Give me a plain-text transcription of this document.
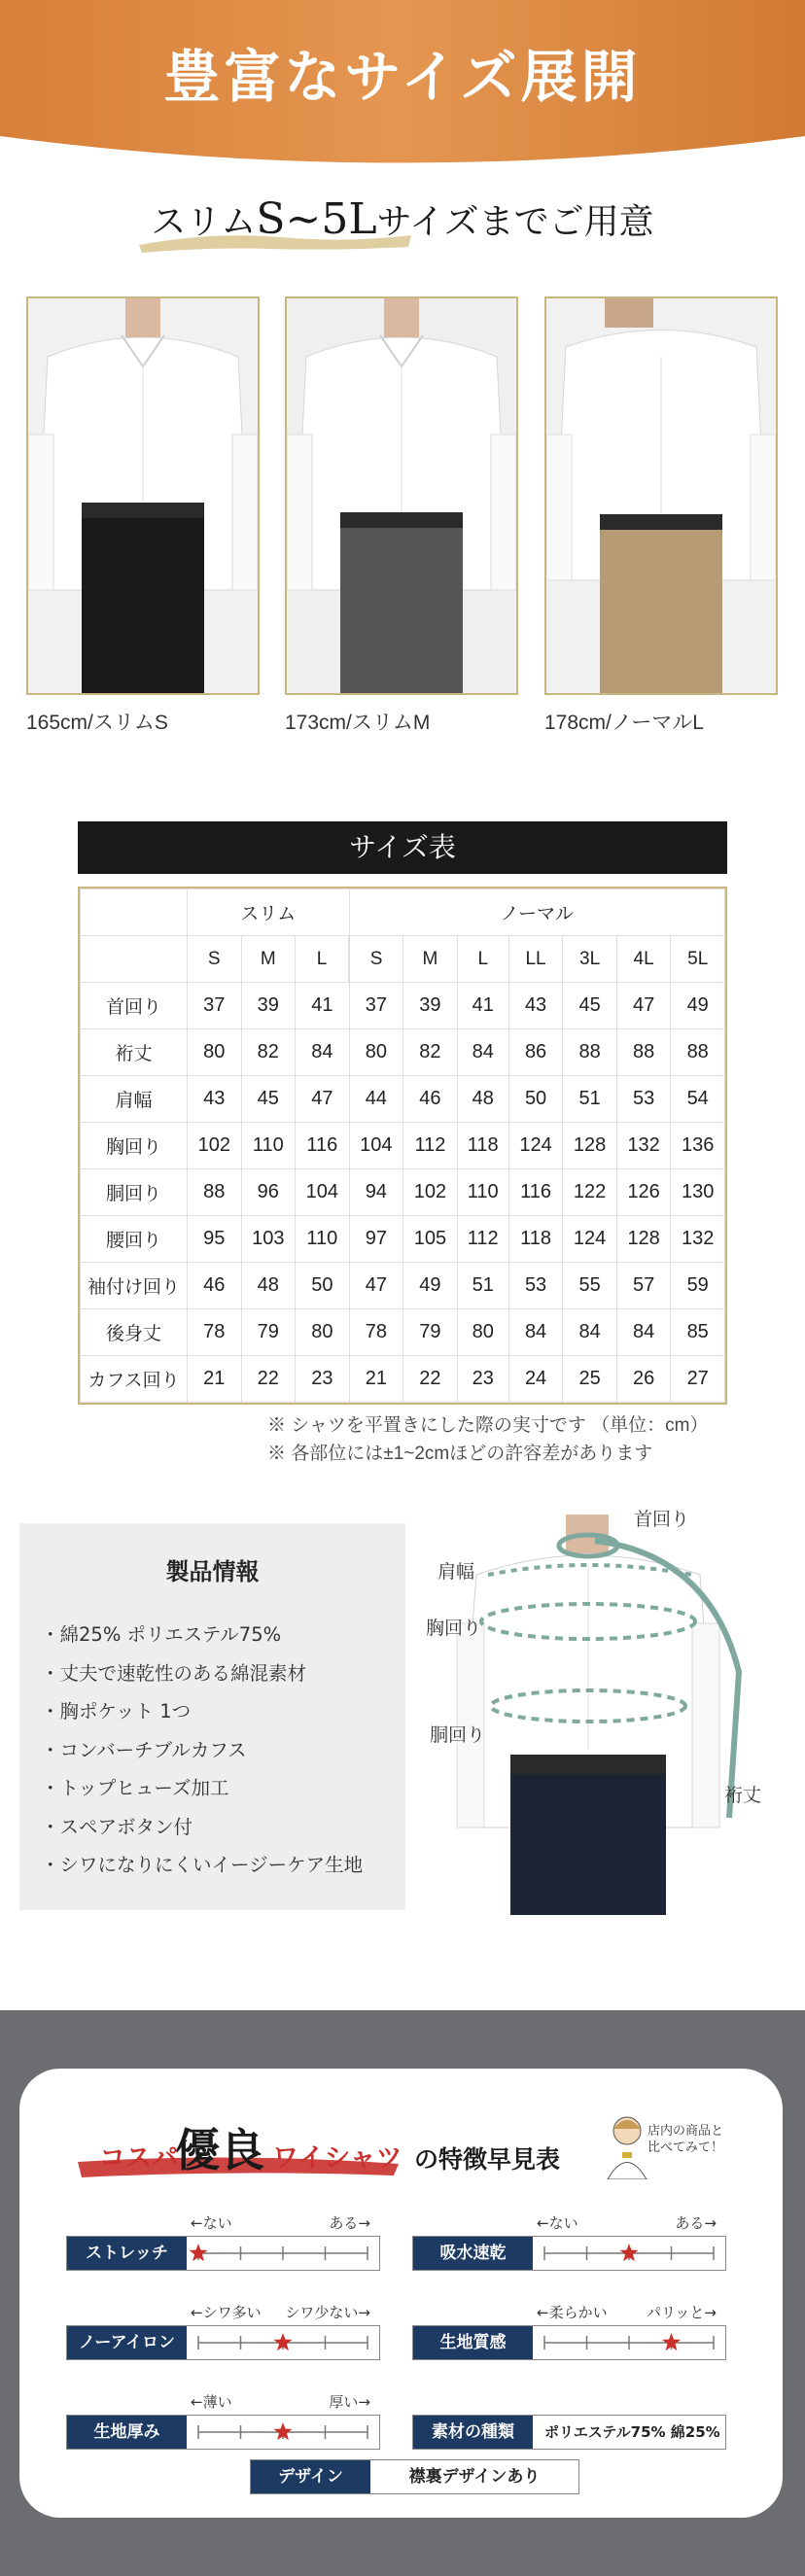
豊富なサイズ展開
スリムS~5Lサイズまでご用意
165cm/スリムS	173cm/スリムM	178cm/ノーマルL
サイズ表
	スリム			ノーマル						
	S	M	L	S	M	L	LL	3L	4L	5L
首回り	37	39	41	37	39	41	43	45	47	49
裄丈	80	82	84	80	82	84	86	88	88	88
肩幅	43	45	47	44	46	48	50	51	53	54
胸回り	102	110	116	104	112	118	124	128	132	136
胴回り	88	96	104	94	102	110	116	122	126	130
腰回り	95	103	110	97	105	112	118	124	128	132
袖付け回り	46	48	50	47	49	51	53	55	57	59
後身丈	78	79	80	78	79	80	84	84	84	85
カフス回り	21	22	23	21	22	23	24	25	26	27
※ シャツを平置きにした際の実寸です （単位：cm）
※ 各部位には±1~2cmほどの許容差があります
製品情報
・綿25% ポリエステル75%
・丈夫で速乾性のある綿混素材
・胸ポケット 1つ
・コンバーチブルカフス
・トップヒューズ加工
・スペアボタン付
・シワになりにくいイージーケア生地
首回り
肩幅
胸回り
胴回り
裄丈
コスパ
優良 ワイシャツ の特徴早見表
店内の商品と比べてみて！
←ない	ある→
ストレッチ
←ない	ある→
吸水速乾
←シワ多い シワ少ない→
ノーアイロン
←柔らかい	パリッと→
生地質感
←薄い	厚い→
生地厚み	素材の種類	ポリエステル75% 綿25%
デザイン	襟裏デザインあり
